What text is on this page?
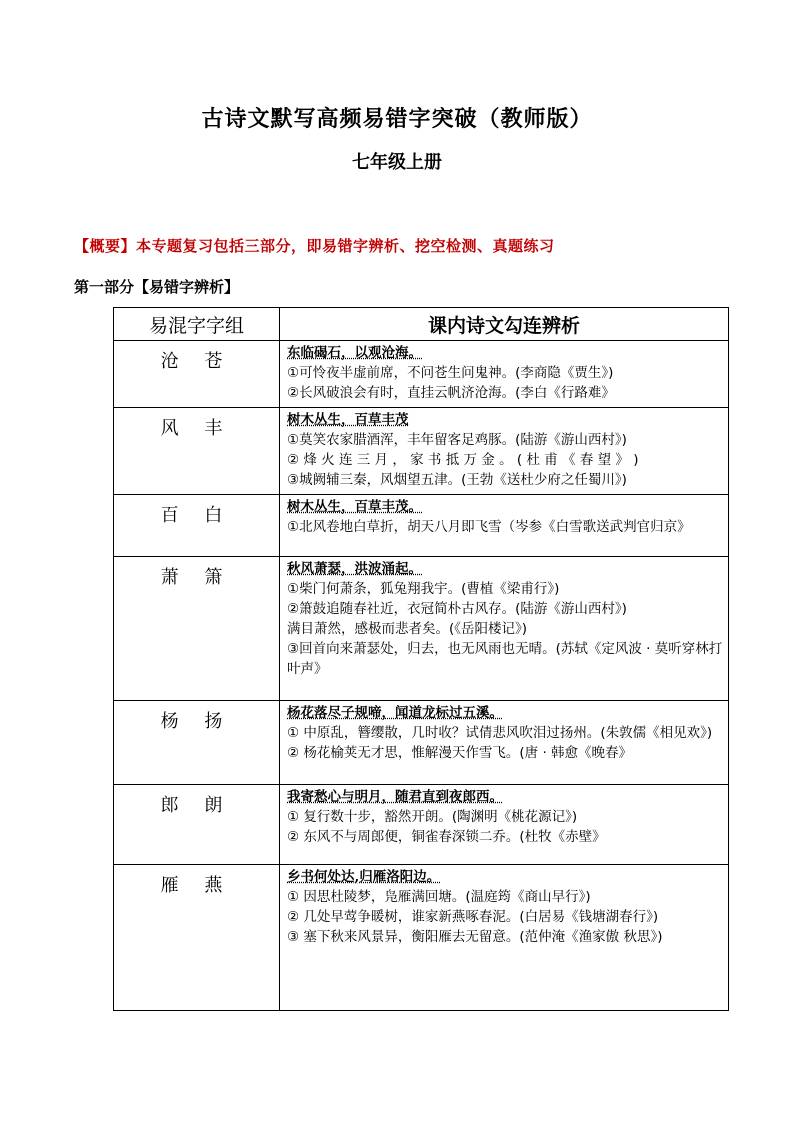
古诗文默写高频易错字突破（教师版）
七年级上册
【概要】本专题复习包括三部分，即易错字辨析、挖空检测、真题练习
第一部分【易错字辨析】
易混字字组	课内诗文勾连辨析
沧 苍	东临碣石，以观沧海。
①可怜夜半虚前席，不问苍生问鬼神。(李商隐《贾生》)
②长风破浪会有时，直挂云帆济沧海。(李白《行路难》

风 丰	树木丛生，百草丰茂
①莫笑农家腊酒浑，丰年留客足鸡豚。(陆游《游山西村》)
② 烽 火 连 三 月 ， 家 书 抵 万 金 。 ( 杜 甫 《 春 望 》 )
③城阙辅三秦，风烟望五津。(王勃《送杜少府之任蜀川》)

百 白	树木丛生，百草丰茂。
①北风卷地白草折，胡天八月即飞雪（岑参《白雪歌送武判官归京》

萧 箫	秋风萧瑟，洪波涌起。
①柴门何萧条，狐兔翔我宇。(曹植《梁甫行》)
②箫鼓追随春社近，衣冠简朴古风存。(陆游《游山西村》)
满目萧然，感极而悲者矣。(《岳阳楼记》)
③回首向来萧瑟处，归去，也无风雨也无晴。(苏轼《定风波 · 莫听穿林打叶声》

杨 扬	杨花落尽子规啼，闻道龙标过五溪。
① 中原乱，簪缨散，几时收？试倩悲风吹泪过扬州。(朱敦儒《相见欢》)
② 杨花榆荚无才思，惟解漫天作雪飞。(唐 · 韩愈《晚春》

郎 朗	我寄愁心与明月，随君直到夜郎西。
① 复行数十步，豁然开朗。(陶渊明《桃花源记》)
② 东风不与周郎便，铜雀春深锁二乔。(杜牧《赤壁》

雁 燕	乡书何处达,归雁洛阳边。
① 因思杜陵梦，凫雁满回塘。(温庭筠《商山早行》)
② 几处早莺争暖树，谁家新燕啄春泥。(白居易《钱塘湖春行》)
③ 塞下秋来风景异，衡阳雁去无留意。(范仲淹《渔家傲 秋思》)
